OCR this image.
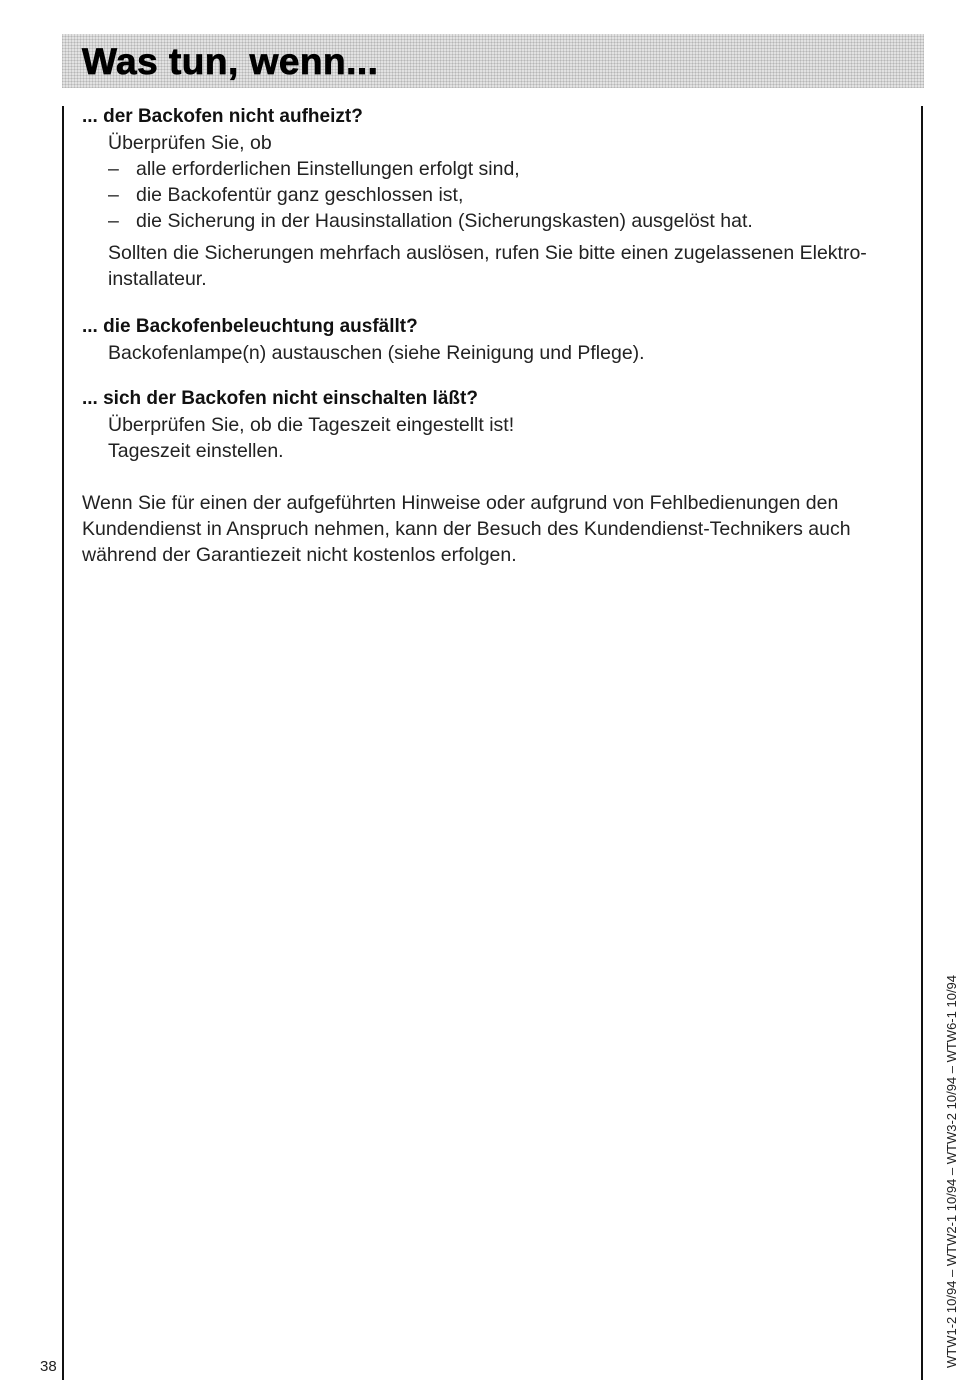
Was tun, wenn...
... der Backofen nicht aufheizt?

Überprüfen Sie, ob

– alle erforderlichen Einstellungen erfolgt sind,
– die Backofentür ganz geschlossen ist,
– die Sicherung in der Hausinstallation (Sicherungskasten) ausgelöst hat.

Sollten die Sicherungen mehrfach auslösen, rufen Sie bitte einen zugelassenen Elektro-installateur.

... die Backofenbeleuchtung ausfällt?

Backofenlampe(n) austauschen (siehe Reinigung und Pflege).

... sich der Backofen nicht einschalten läßt?

Überprüfen Sie, ob die Tageszeit eingestellt ist!

Tageszeit einstellen.

Wenn Sie für einen der aufgeführten Hinweise oder aufgrund von Fehlbedienungen den Kundendienst in Anspruch nehmen, kann der Besuch des Kundendienst-Technikers auch während der Garantiezeit nicht kostenlos erfolgen.

38	WTW1-2 10/94 – WTW2-1 10/94 – WTW3-2 10/94 – WTW6-1 10/94
